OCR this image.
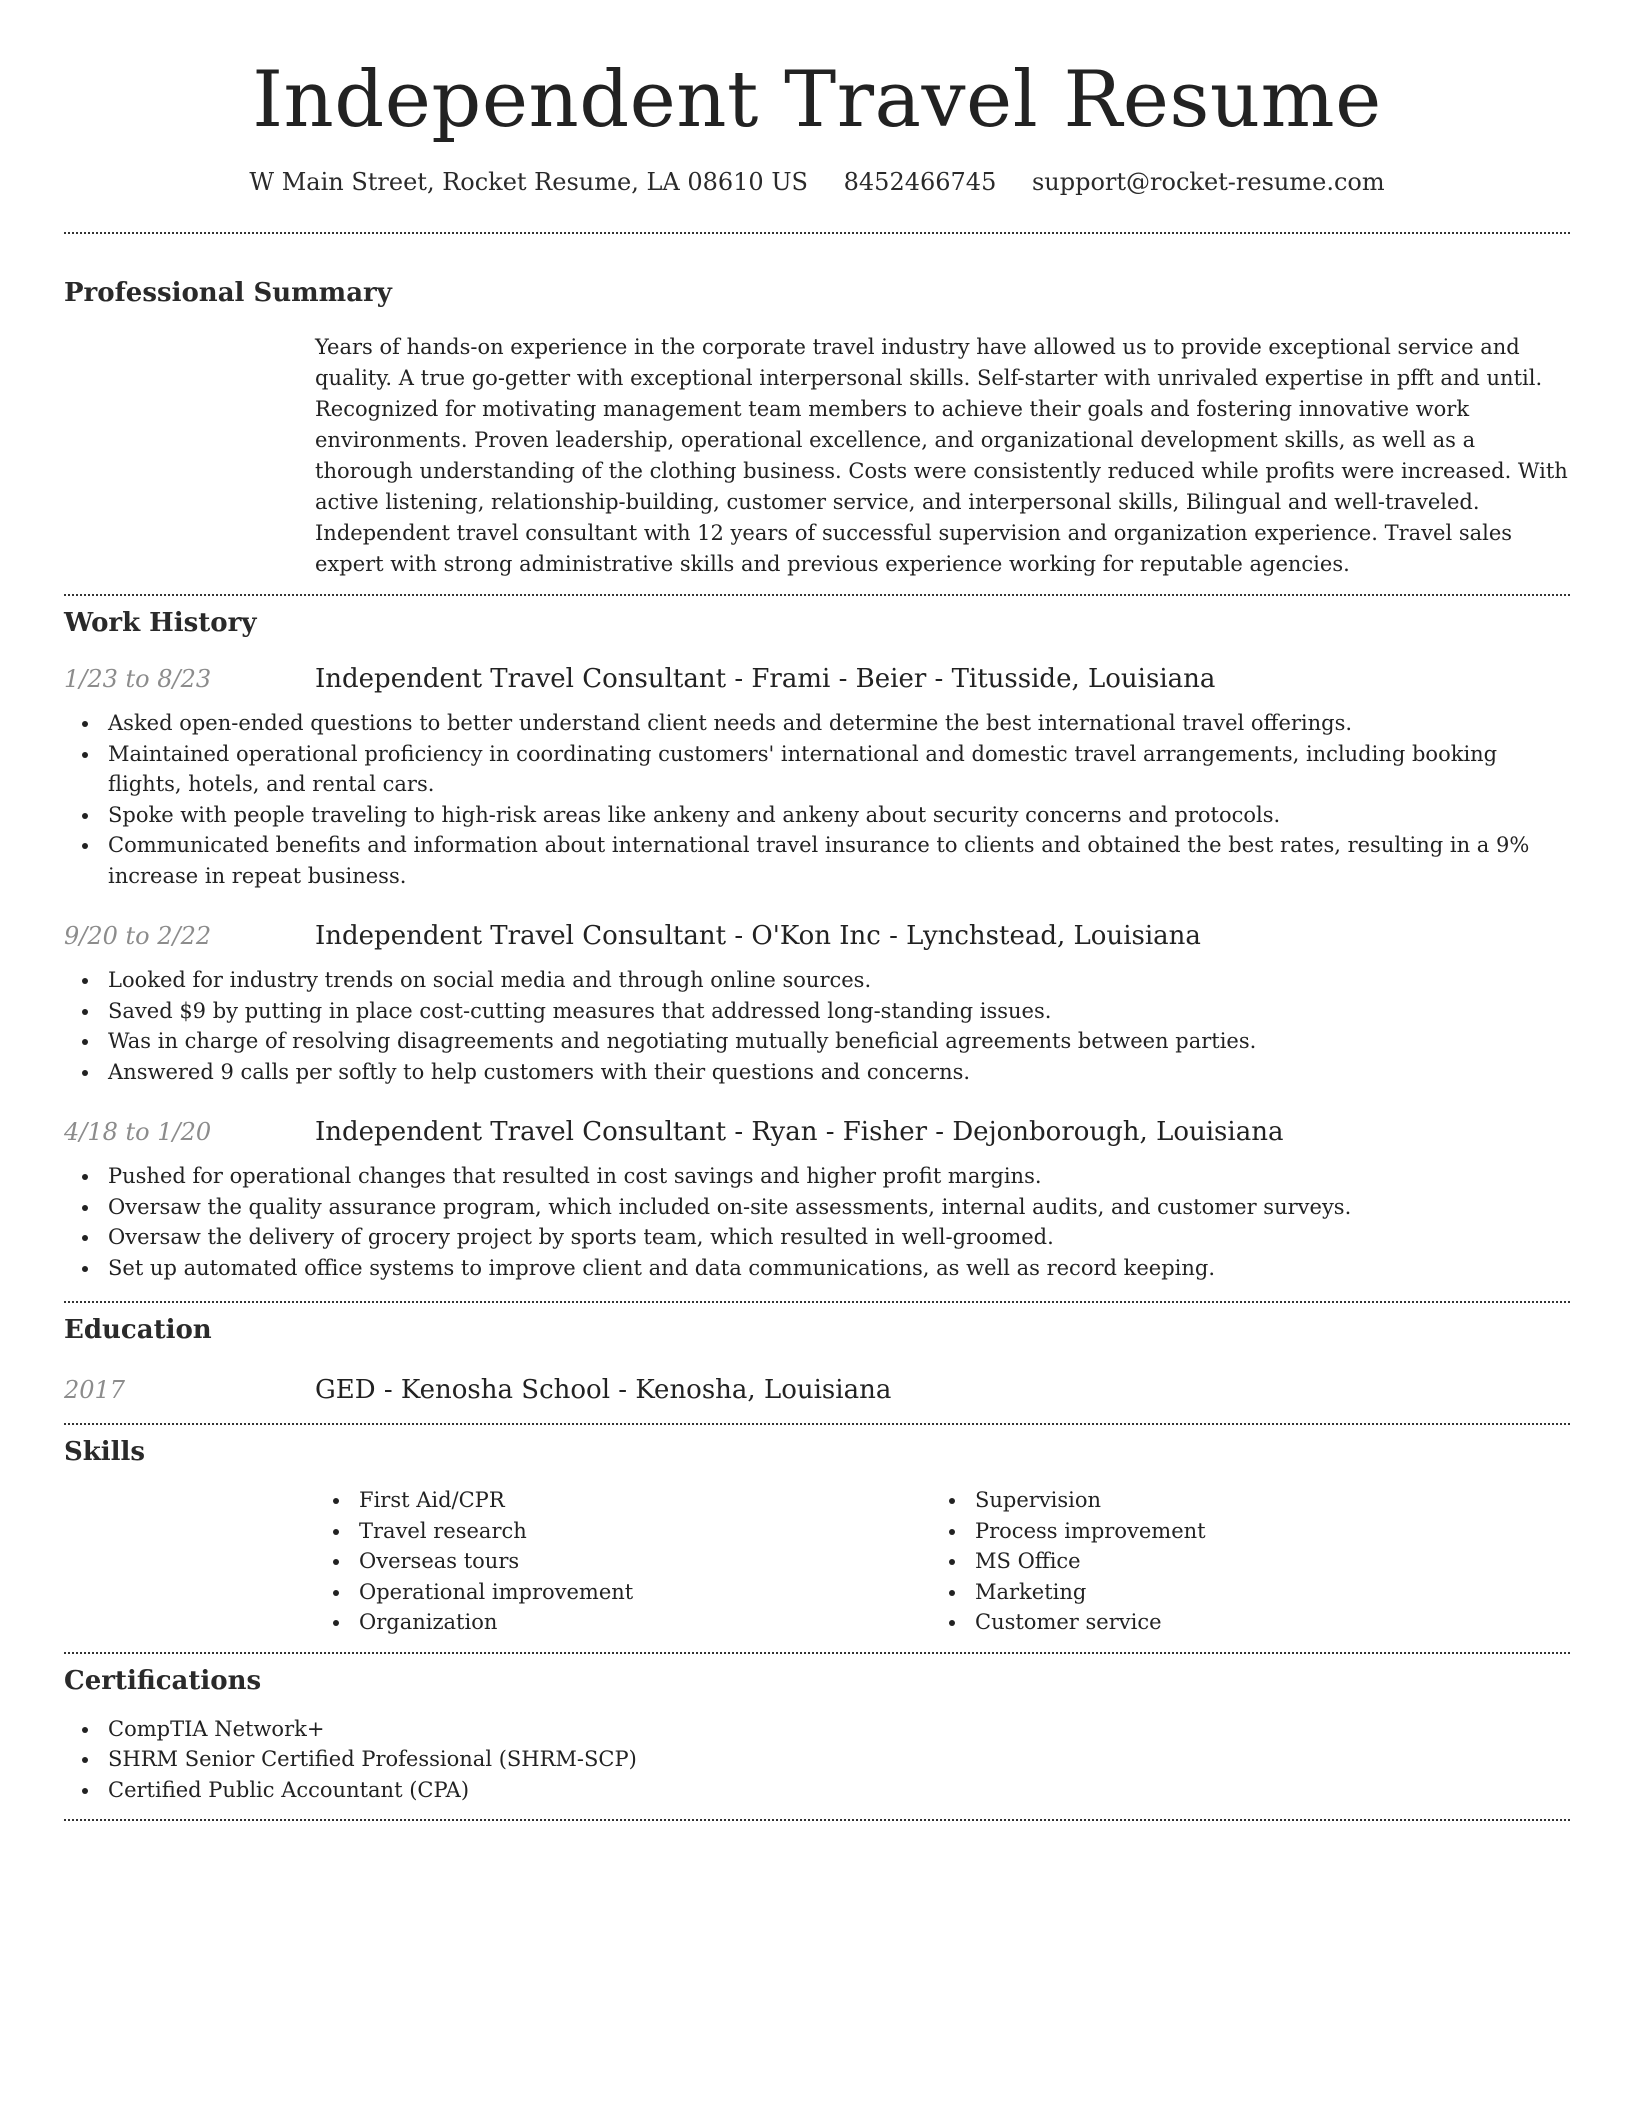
Independent Travel Resume
W Main Street, Rocket Resume, LA 08610 US 8452466745 support@rocket-resume.com
Professional Summary

Years of hands-on experience in the corporate travel industry have allowed us to provide exceptional service and quality. A true go-getter with exceptional interpersonal skills. Self-starter with unrivaled expertise in pfft and until. Recognized for motivating management team members to achieve their goals and fostering innovative work environments. Proven leadership, operational excellence, and organizational development skills, as well as a thorough understanding of the clothing business. Costs were consistently reduced while profits were increased. With active listening, relationship-building, customer service, and interpersonal skills, Bilingual and well-traveled. Independent travel consultant with 12 years of successful supervision and organization experience. Travel sales expert with strong administrative skills and previous experience working for reputable agencies.

Work History
1/23 to 8/23	Independent Travel Consultant - Frami - Beier - Titusside, Louisiana
Asked open-ended questions to better understand client needs and determine the best international travel offerings.
Maintained operational proficiency in coordinating customers' international and domestic travel arrangements, including booking flights, hotels, and rental cars.
Spoke with people traveling to high-risk areas like ankeny and ankeny about security concerns and protocols.
Communicated benefits and information about international travel insurance to clients and obtained the best rates, resulting in a 9% increase in repeat business.
9/20 to 2/22	Independent Travel Consultant - O'Kon Inc - Lynchstead, Louisiana
Looked for industry trends on social media and through online sources.
Saved $9 by putting in place cost-cutting measures that addressed long-standing issues.
Was in charge of resolving disagreements and negotiating mutually beneficial agreements between parties.
Answered 9 calls per softly to help customers with their questions and concerns.
4/18 to 1/20	Independent Travel Consultant - Ryan - Fisher - Dejonborough, Louisiana
Pushed for operational changes that resulted in cost savings and higher profit margins.
Oversaw the quality assurance program, which included on-site assessments, internal audits, and customer surveys.
Oversaw the delivery of grocery project by sports team, which resulted in well-groomed.
Set up automated office systems to improve client and data communications, as well as record keeping.
Education
2017	GED - Kenosha School - Kenosha, Louisiana
Skills
First Aid/CPR
Travel research
Overseas tours
Operational improvement
Organization
Supervision
Process improvement
MS Office
Marketing
Customer service
Certifications
CompTIA Network+
SHRM Senior Certified Professional (SHRM-SCP)
Certified Public Accountant (CPA)
